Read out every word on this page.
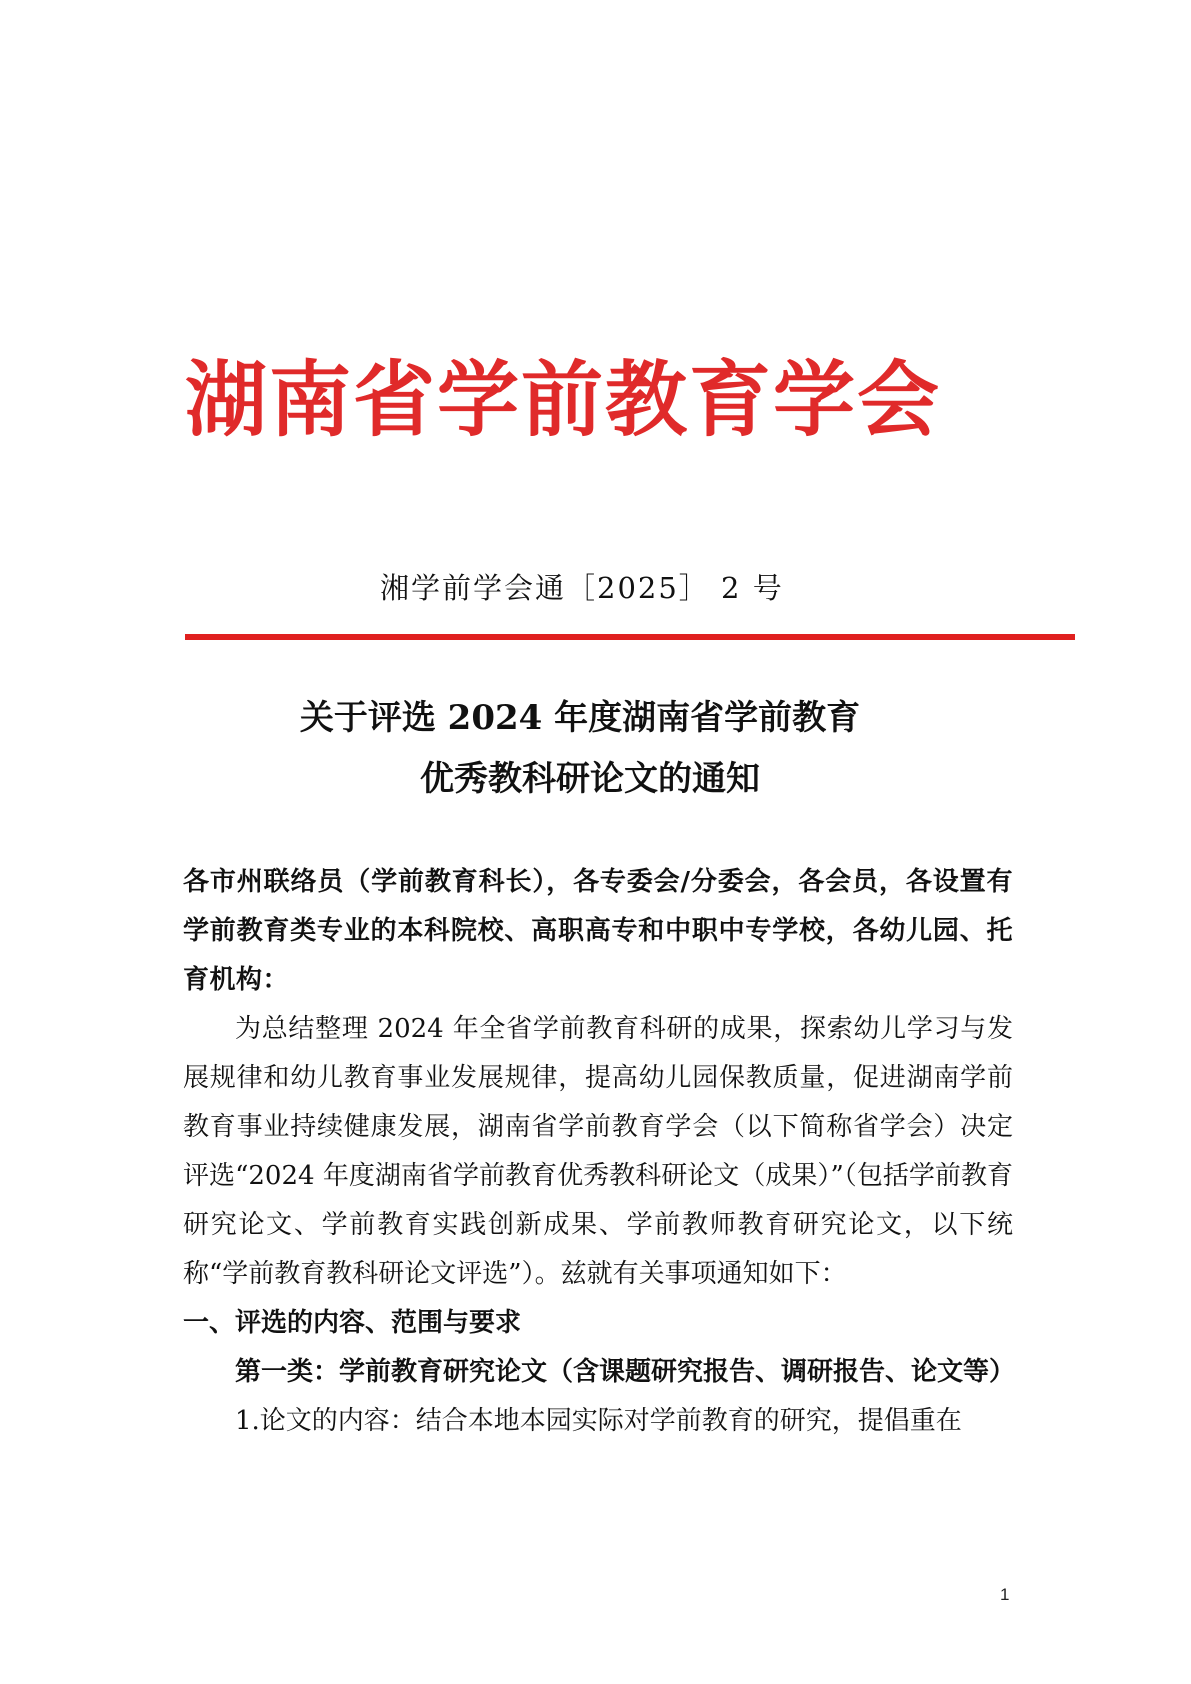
湖南省学前教育学会
湘学前学会通［2025］ 2 号
关于评选 2024 年度湖南省学前教育
优秀教科研论文的通知

各市州联络员（学前教育科长），各专委会/分委会，各会员，各设置有学前教育类专业的本科院校、高职高专和中职中专学校，各幼儿园、托育机构：

为总结整理 2024 年全省学前教育科研的成果，探索幼儿学习与发展规律和幼儿教育事业发展规律，提高幼儿园保教质量，促进湖南学前教育事业持续健康发展，湖南省学前教育学会（以下简称省学会）决定评选“2024 年度湖南省学前教育优秀教科研论文（成果）”（包括学前教育研究论文、学前教育实践创新成果、学前教师教育研究论文，以下统称“学前教育教科研论文评选”）。兹就有关事项通知如下：

一、评选的内容、范围与要求

第一类：学前教育研究论文（含课题研究报告、调研报告、论文等）

1.论文的内容：结合本地本园实际对学前教育的研究，提倡重在

1
